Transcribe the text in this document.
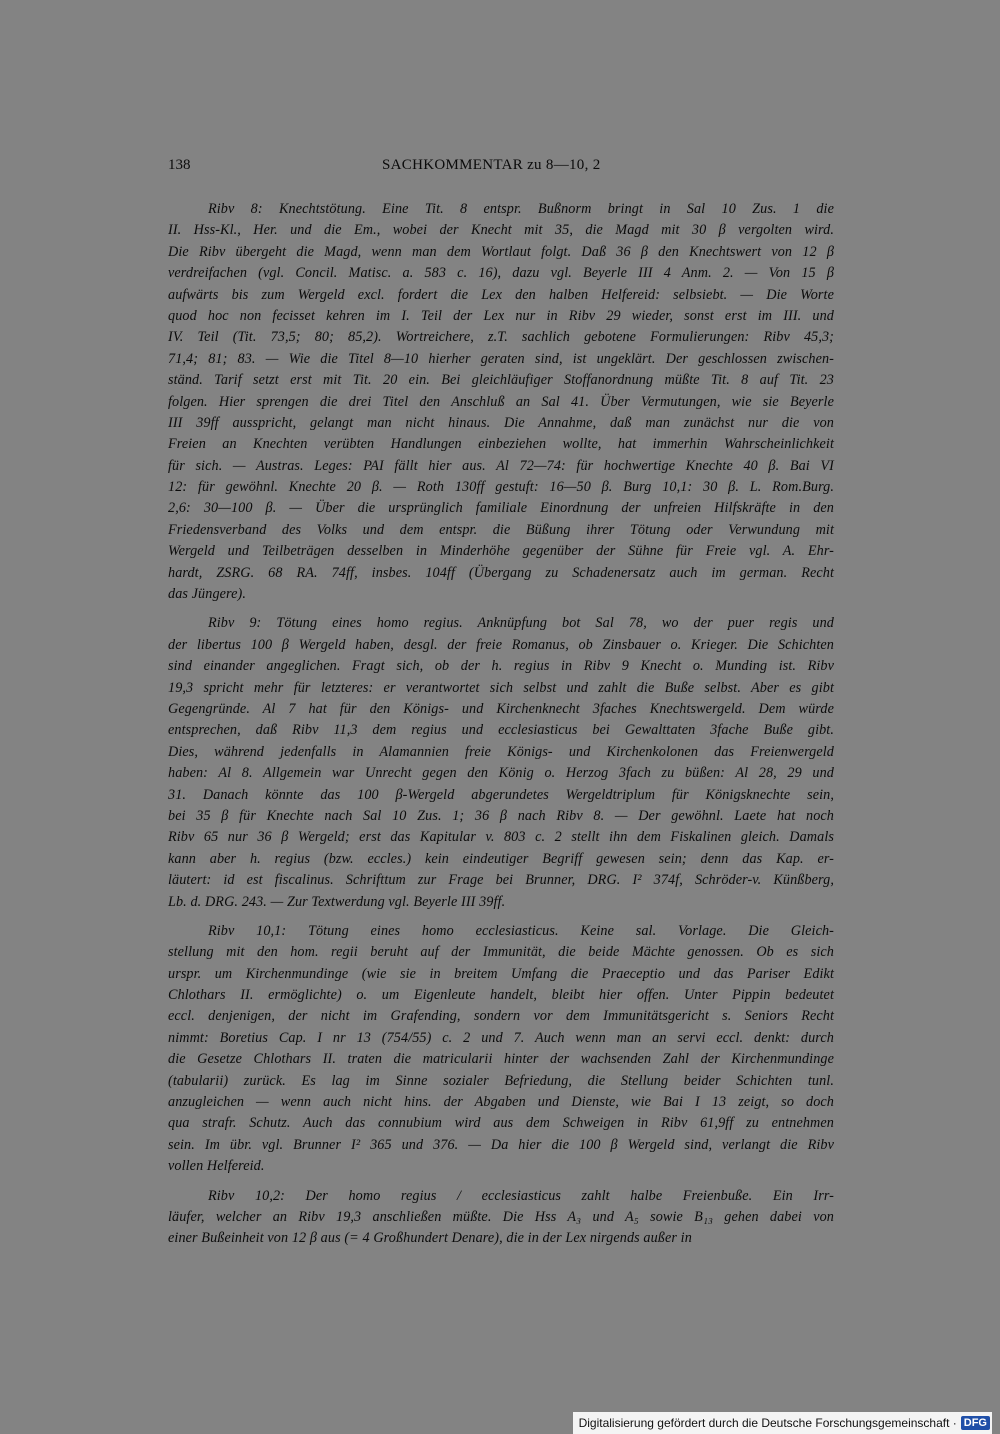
138	SACHKOMMENTAR zu 8—10, 2
Ribv 8: Knechtstötung. Eine Tit. 8 entspr. Bußnorm bringt in Sal 10 Zus. 1 die
II. Hss-Kl., Her. und die Em., wobei der Knecht mit 35, die Magd mit 30 β vergolten wird.
Die Ribv übergeht die Magd, wenn man dem Wortlaut folgt. Daß 36 β den Knechtswert von 12 β
verdreifachen (vgl. Concil. Matisc. a. 583 c. 16), dazu vgl. Beyerle III 4 Anm. 2. — Von 15 β
aufwärts bis zum Wergeld excl. fordert die Lex den halben Helfereid: selbsiebt. — Die Worte
quod hoc non fecisset kehren im I. Teil der Lex nur in Ribv 29 wieder, sonst erst im III. und
IV. Teil (Tit. 73,5; 80; 85,2). Wortreichere, z.T. sachlich gebotene Formulierungen: Ribv 45,3;
71,4; 81; 83. — Wie die Titel 8—10 hierher geraten sind, ist ungeklärt. Der geschlossen zwischen-
ständ. Tarif setzt erst mit Tit. 20 ein. Bei gleichläufiger Stoffanordnung müßte Tit. 8 auf Tit. 23
folgen. Hier sprengen die drei Titel den Anschluß an Sal 41. Über Vermutungen, wie sie Beyerle
III 39ff ausspricht, gelangt man nicht hinaus. Die Annahme, daß man zunächst nur die von
Freien an Knechten verübten Handlungen einbeziehen wollte, hat immerhin Wahrscheinlichkeit
für sich. — Austras. Leges: PAI fällt hier aus. Al 72—74: für hochwertige Knechte 40 β. Bai VI
12: für gewöhnl. Knechte 20 β. — Roth 130ff gestuft: 16—50 β. Burg 10,1: 30 β. L. Rom.Burg.
2,6: 30—100 β. — Über die ursprünglich familiale Einordnung der unfreien Hilfskräfte in den
Friedensverband des Volks und dem entspr. die Büßung ihrer Tötung oder Verwundung mit
Wergeld und Teilbeträgen desselben in Minderhöhe gegenüber der Sühne für Freie vgl. A. Ehr-
hardt, ZSRG. 68 RA. 74ff, insbes. 104ff (Übergang zu Schadenersatz auch im german. Recht
das Jüngere).
Ribv 9: Tötung eines homo regius. Anknüpfung bot Sal 78, wo der puer regis und
der libertus 100 β Wergeld haben, desgl. der freie Romanus, ob Zinsbauer o. Krieger. Die Schichten
sind einander angeglichen. Fragt sich, ob der h. regius in Ribv 9 Knecht o. Munding ist. Ribv
19,3 spricht mehr für letzteres: er verantwortet sich selbst und zahlt die Buße selbst. Aber es gibt
Gegengründe. Al 7 hat für den Königs- und Kirchenknecht 3faches Knechtswergeld. Dem würde
entsprechen, daß Ribv 11,3 dem regius und ecclesiasticus bei Gewalttaten 3fache Buße gibt.
Dies, während jedenfalls in Alamannien freie Königs- und Kirchenkolonen das Freienwergeld
haben: Al 8. Allgemein war Unrecht gegen den König o. Herzog 3fach zu büßen: Al 28, 29 und
31. Danach könnte das 100 β-Wergeld abgerundetes Wergeldtriplum für Königsknechte sein,
bei 35 β für Knechte nach Sal 10 Zus. 1; 36 β nach Ribv 8. — Der gewöhnl. Laete hat noch
Ribv 65 nur 36 β Wergeld; erst das Kapitular v. 803 c. 2 stellt ihn dem Fiskalinen gleich. Damals
kann aber h. regius (bzw. eccles.) kein eindeutiger Begriff gewesen sein; denn das Kap. er-
läutert: id est fiscalinus. Schrifttum zur Frage bei Brunner, DRG. I² 374f, Schröder-v. Künßberg,
Lb. d. DRG. 243. — Zur Textwerdung vgl. Beyerle III 39ff.
Ribv 10,1: Tötung eines homo ecclesiasticus. Keine sal. Vorlage. Die Gleich-
stellung mit den hom. regii beruht auf der Immunität, die beide Mächte genossen. Ob es sich
urspr. um Kirchenmundinge (wie sie in breitem Umfang die Praeceptio und das Pariser Edikt
Chlothars II. ermöglichte) o. um Eigenleute handelt, bleibt hier offen. Unter Pippin bedeutet
eccl. denjenigen, der nicht im Grafending, sondern vor dem Immunitätsgericht s. Seniors Recht
nimmt: Boretius Cap. I nr 13 (754/55) c. 2 und 7. Auch wenn man an servi eccl. denkt: durch
die Gesetze Chlothars II. traten die matricularii hinter der wachsenden Zahl der Kirchenmundinge
(tabularii) zurück. Es lag im Sinne sozialer Befriedung, die Stellung beider Schichten tunl.
anzugleichen — wenn auch nicht hins. der Abgaben und Dienste, wie Bai I 13 zeigt, so doch
qua strafr. Schutz. Auch das connubium wird aus dem Schweigen in Ribv 61,9ff zu entnehmen
sein. Im übr. vgl. Brunner I² 365 und 376. — Da hier die 100 β Wergeld sind, verlangt die Ribv
vollen Helfereid.
Ribv 10,2: Der homo regius / ecclesiasticus zahlt halbe Freienbuße. Ein Irr-
läufer, welcher an Ribv 19,3 anschließen müßte. Die Hss A₃ und A₅ sowie B₁₃ gehen dabei von
einer Bußeinheit von 12 β aus (= 4 Großhundert Denare), die in der Lex nirgends außer in
Digitalisierung gefördert durch die Deutsche Forschungsgemeinschaft · DFG
